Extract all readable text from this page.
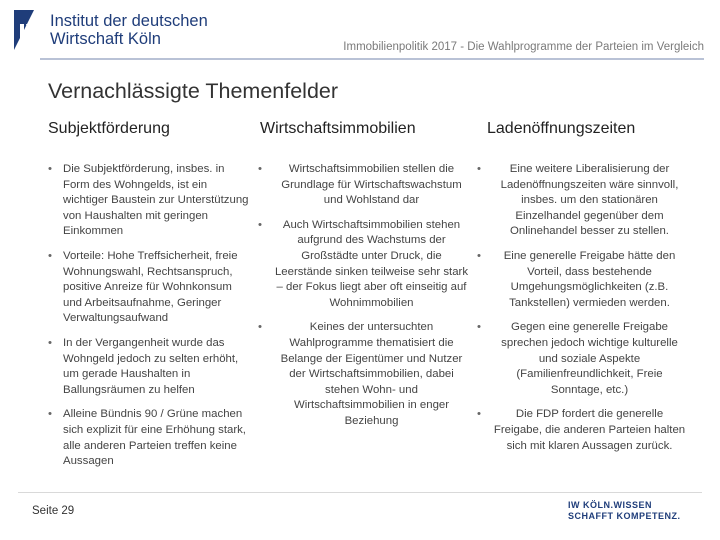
Institut der deutschen
Wirtschaft Köln	Immobilienpolitik 2017 - Die Wahlprogramme der Parteien im Vergleich
Vernachlässigte Themenfelder
Subjektförderung
• Die Subjektförderung, insbes. in Form des Wohngelds, ist ein wichtiger Baustein zur Unterstützung von Haushalten mit geringen Einkommen
• Vorteile: Hohe Treffsicherheit, freie Wohnungswahl, Rechtsanspruch, positive Anreize für Wohnkonsum und Arbeitsaufnahme, Geringer Verwaltungsaufwand
• In der Vergangenheit wurde das Wohngeld jedoch zu selten erhöht, um gerade Haushalten in Ballungsräumen zu helfen
• Alleine Bündnis 90 / Grüne machen sich explizit für eine Erhöhung stark, alle anderen Parteien treffen keine Aussagen
Wirtschaftsimmobilien
•	Wirtschaftsimmobilien stellen die Grundlage für Wirtschaftswachstum und Wohlstand dar
•	Auch Wirtschaftsimmobilien stehen aufgrund des Wachstums der Großstädte unter Druck, die Leerstände sinken teilweise sehr stark – der Fokus liegt aber oft einseitig auf Wohnimmobilien
•	Keines der untersuchten Wahlprogramme thematisiert die Belange der Eigentümer und Nutzer der Wirtschaftsimmobilien, dabei stehen Wohn- und Wirtschaftsimmobilien in enger Beziehung
Ladenöffnungszeiten
•	Eine weitere Liberalisierung der Ladenöffnungszeiten wäre sinnvoll, insbes. um den stationären Einzelhandel gegenüber dem Onlinehandel besser zu stellen.
•	Eine generelle Freigabe hätte den Vorteil, dass bestehende Umgehungsmöglichkeiten (z.B. Tankstellen) vermieden werden.
•	Gegen eine generelle Freigabe sprechen jedoch wichtige kulturelle und soziale Aspekte (Familienfreundlichkeit, Freie Sonntage, etc.)
•	Die FDP fordert die generelle Freigabe, die anderen Parteien halten sich mit klaren Aussagen zurück.
Seite 29	IW KÖLN.WISSEN
SCHAFFT KOMPETENZ.
